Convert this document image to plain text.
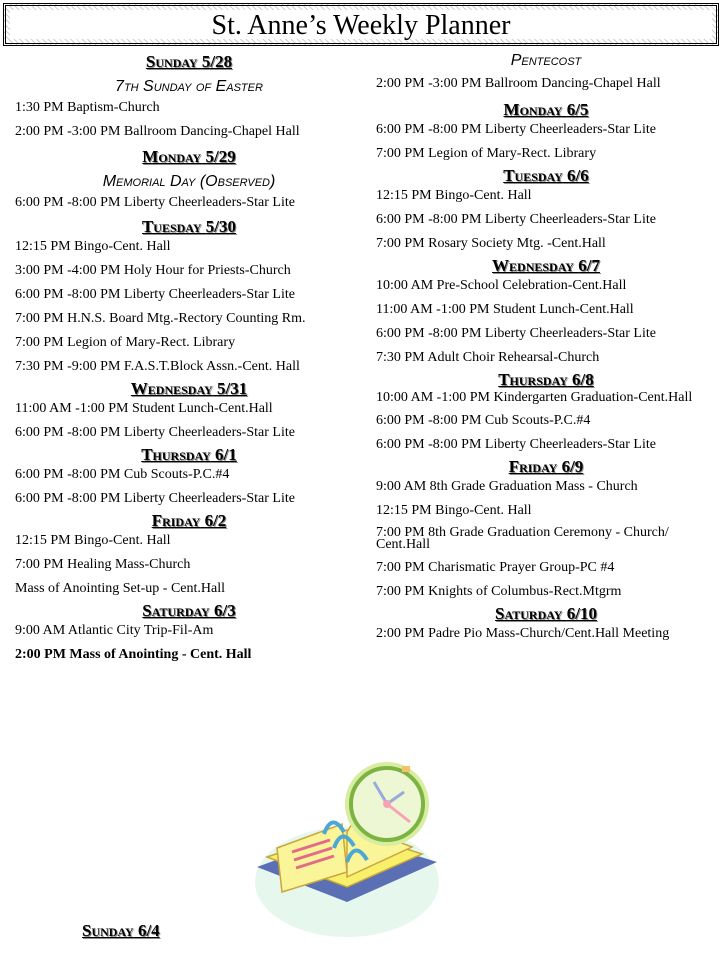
St. Anne’s Weekly Planner
Sunday 5/28
7th Sunday of Easter

1:30 PM Baptism-Church

2:00 PM -3:00 PM Ballroom Dancing-Chapel Hall

Monday 5/29
Memorial Day (Observed)

6:00 PM -8:00 PM Liberty Cheerleaders-Star Lite

Tuesday 5/30

12:15 PM Bingo-Cent. Hall

3:00 PM -4:00 PM Holy Hour for Priests-Church

6:00 PM -8:00 PM Liberty Cheerleaders-Star Lite

7:00 PM H.N.S. Board Mtg.-Rectory Counting Rm.

7:00 PM Legion of Mary-Rect. Library

7:30 PM -9:00 PM F.A.S.T.Block Assn.-Cent. Hall

Wednesday 5/31

11:00 AM -1:00 PM Student Lunch-Cent.Hall

6:00 PM -8:00 PM Liberty Cheerleaders-Star Lite

Thursday 6/1

6:00 PM -8:00 PM Cub Scouts-P.C.#4

6:00 PM -8:00 PM Liberty Cheerleaders-Star Lite

Friday 6/2

12:15 PM Bingo-Cent. Hall

7:00 PM Healing Mass-Church

Mass of Anointing Set-up - Cent.Hall

Saturday 6/3

9:00 AM Atlantic City Trip-Fil-Am

2:00 PM Mass of Anointing - Cent. Hall

Pentecost

2:00 PM -3:00 PM Ballroom Dancing-Chapel Hall

Monday 6/5

6:00 PM -8:00 PM Liberty Cheerleaders-Star Lite

7:00 PM Legion of Mary-Rect. Library

Tuesday 6/6

12:15 PM Bingo-Cent. Hall

6:00 PM -8:00 PM Liberty Cheerleaders-Star Lite

7:00 PM Rosary Society Mtg. -Cent.Hall

Wednesday 6/7

10:00 AM Pre-School Celebration-Cent.Hall

11:00 AM -1:00 PM Student Lunch-Cent.Hall

6:00 PM -8:00 PM Liberty Cheerleaders-Star Lite

7:30 PM Adult Choir Rehearsal-Church

Thursday 6/8

10:00 AM -1:00 PM Kindergarten Graduation-Cent.Hall

6:00 PM -8:00 PM Cub Scouts-P.C.#4

6:00 PM -8:00 PM Liberty Cheerleaders-Star Lite

Friday 6/9

9:00 AM 8th Grade Graduation Mass - Church

12:15 PM Bingo-Cent. Hall

7:00 PM 8th Grade Graduation Ceremony - Church/ Cent.Hall

7:00 PM Charismatic Prayer Group-PC #4

7:00 PM Knights of Columbus-Rect.Mtgrm

Saturday 6/10

2:00 PM Padre Pio Mass-Church/Cent.Hall Meeting

Sunday 6/4
